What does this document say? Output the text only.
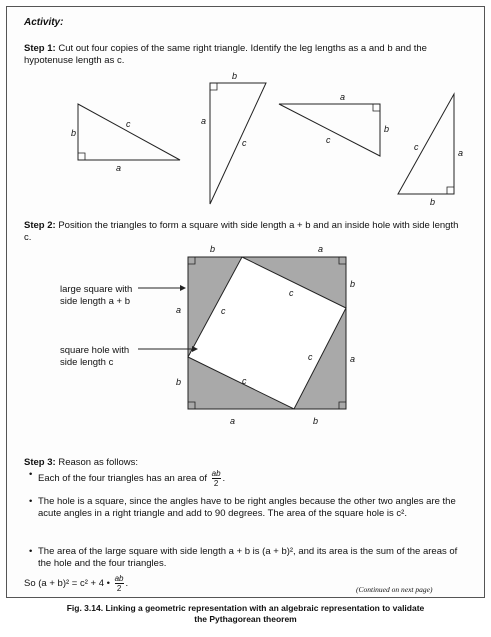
Activity:
Step 1: Cut out four copies of the same right triangle. Identify the leg lengths as a and b and the hypotenuse length as c.
b
c
a
b
a
c
a
b
c
c
a
b
b	a
b
a
a
b
a	b
c
c
c
c
Step 2: Position the triangles to form a square with side length a + b and an inside hole with side length c.
large square with side length a + b
square hole with side length c
Step 3: Reason as follows:
• Each of the four triangles has an area of $\frac{ab}{2}$ .
• The hole is a square, since the angles have to be right angles because the other two angles are the acute angles in a right triangle and add to 90 degrees. The area of the square hole is c².
• The area of the large square with side length a + b is (a + b)², and its area is the sum of the areas of the hole and the four triangles.
So (a + b)² = c² + 4 • $\frac{ab}{2}$ .
(Continued on next page)
Fig. 3.14. Linking a geometric representation with an algebraic representation to validate
the Pythagorean theorem
